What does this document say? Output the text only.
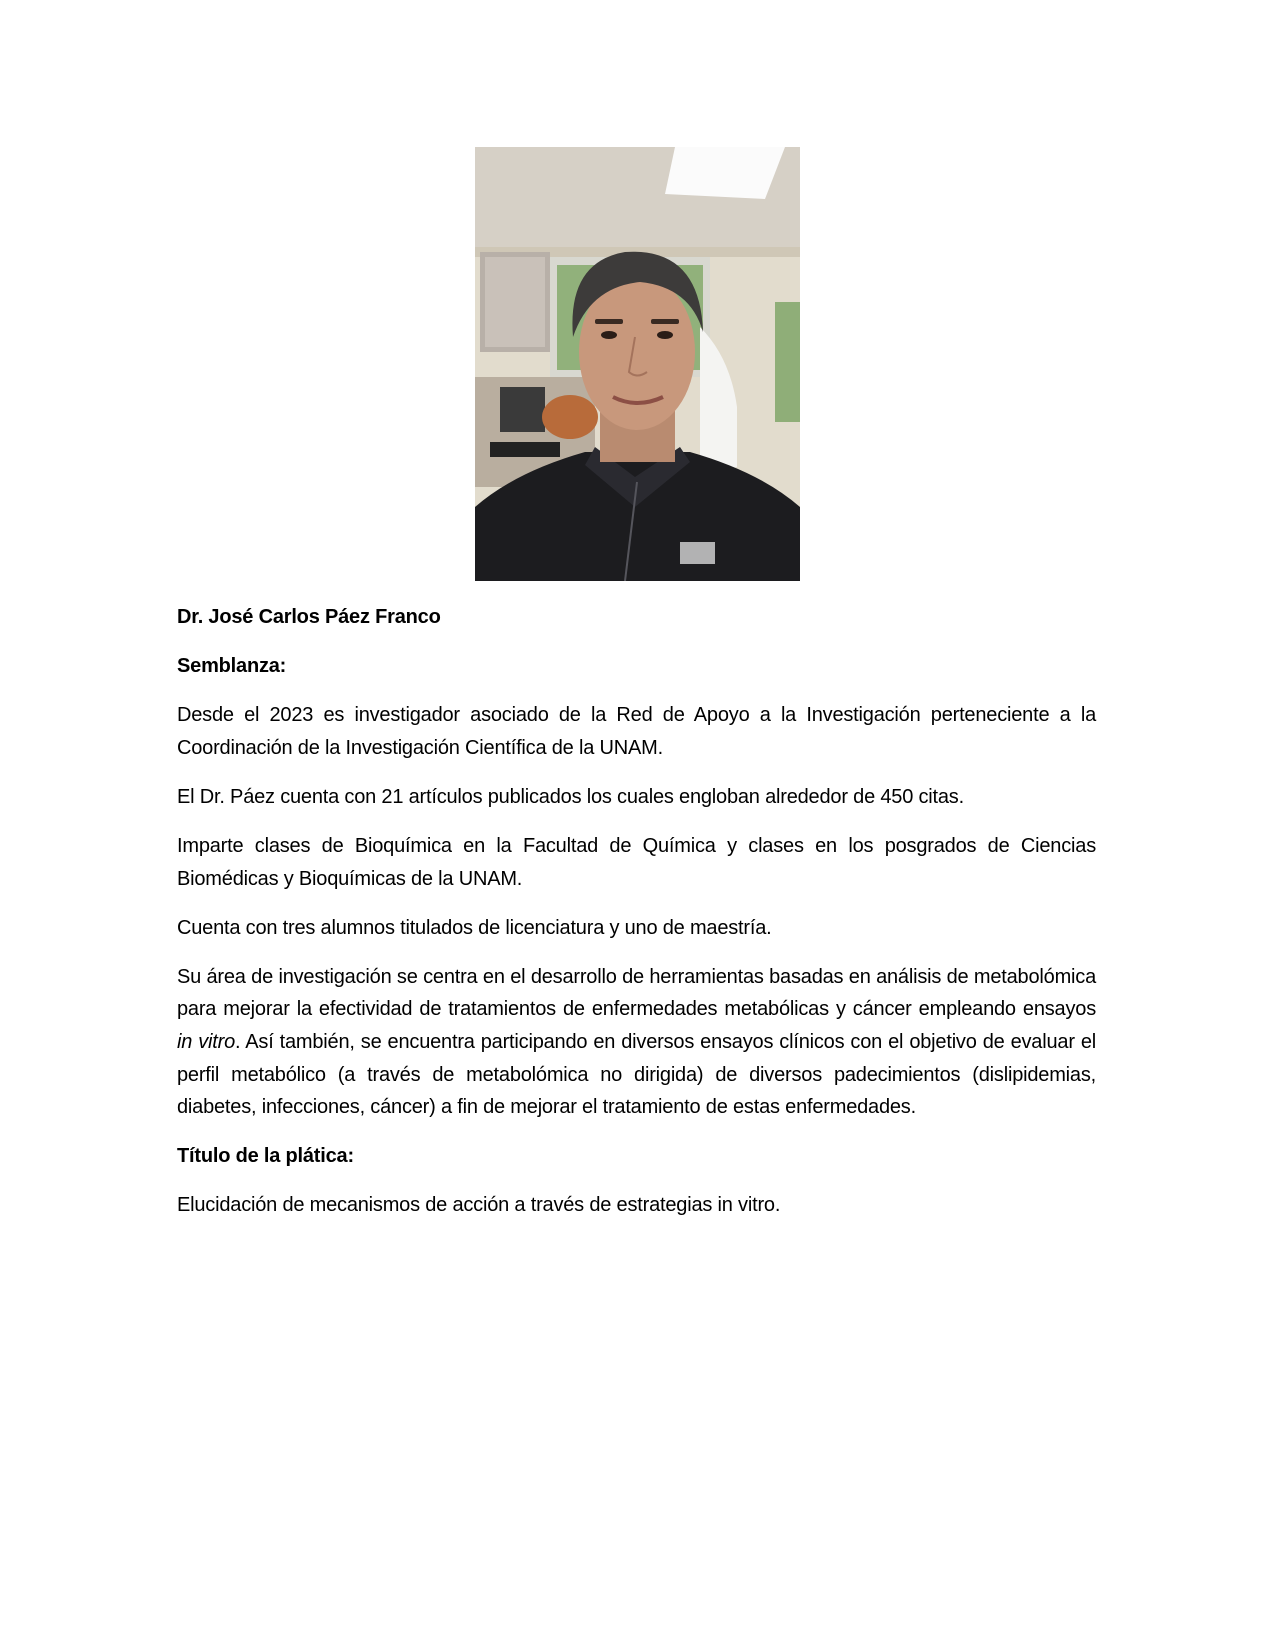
Dr. José Carlos Páez Franco

Semblanza:

Desde el 2023 es investigador asociado de la Red de Apoyo a la Investigación perteneciente a la Coordinación de la Investigación Científica de la UNAM.

El Dr. Páez cuenta con 21 artículos publicados los cuales engloban alrededor de 450 citas.

Imparte clases de Bioquímica en la Facultad de Química y clases en los posgrados de Ciencias Biomédicas y Bioquímicas de la UNAM.

Cuenta con tres alumnos titulados de licenciatura y uno de maestría.

Su área de investigación se centra en el desarrollo de herramientas basadas en análisis de metabolómica para mejorar la efectividad de tratamientos de enfermedades metabólicas y cáncer empleando ensayos in vitro. Así también, se encuentra participando en diversos ensayos clínicos con el objetivo de evaluar el perfil metabólico (a través de metabolómica no dirigida) de diversos padecimientos (dislipidemias, diabetes, infecciones, cáncer) a fin de mejorar el tratamiento de estas enfermedades.

Título de la plática:

Elucidación de mecanismos de acción a través de estrategias in vitro.
